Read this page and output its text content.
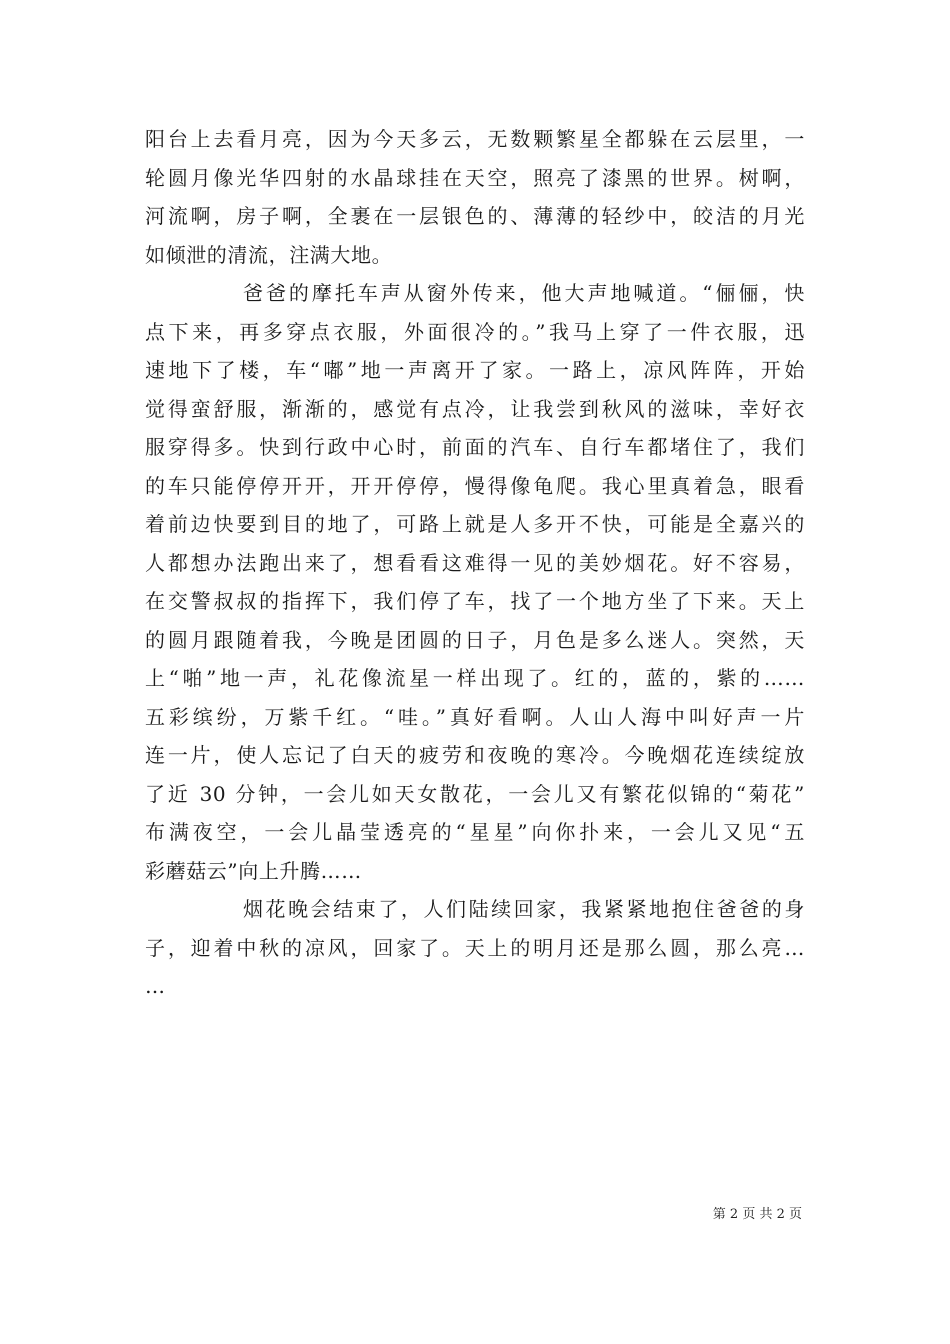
阳台上去看月亮，因为今天多云，无数颗繁星全都躲在云层里，一
轮圆月像光华四射的水晶球挂在天空，照亮了漆黑的世界。树啊，
河流啊，房子啊，全裹在一层银色的、薄薄的轻纱中，皎洁的月光
如倾泄的清流，注满大地。
爸爸的摩托车声从窗外传来，他大声地喊道。“俪俪，快
点下来，再多穿点衣服，外面很冷的。”我马上穿了一件衣服，迅
速地下了楼，车“嘟”地一声离开了家。一路上，凉风阵阵，开始
觉得蛮舒服，渐渐的，感觉有点冷，让我尝到秋风的滋味，幸好衣
服穿得多。快到行政中心时，前面的汽车、自行车都堵住了，我们
的车只能停停开开，开开停停，慢得像龟爬。我心里真着急，眼看
着前边快要到目的地了，可路上就是人多开不快，可能是全嘉兴的
人都想办法跑出来了，想看看这难得一见的美妙烟花。好不容易，
在交警叔叔的指挥下，我们停了车，找了一个地方坐了下来。天上
的圆月跟随着我，今晚是团圆的日子，月色是多么迷人。突然，天
上“啪”地一声，礼花像流星一样出现了。红的，蓝的，紫的……
五彩缤纷，万紫千红。“哇。”真好看啊。人山人海中叫好声一片
连一片，使人忘记了白天的疲劳和夜晚的寒冷。今晚烟花连续绽放
了近 30 分钟，一会儿如天女散花，一会儿又有繁花似锦的“菊花”
布满夜空，一会儿晶莹透亮的“星星”向你扑来，一会儿又见“五
彩蘑菇云”向上升腾……
烟花晚会结束了，人们陆续回家，我紧紧地抱住爸爸的身
子，迎着中秋的凉风，回家了。天上的明月还是那么圆，那么亮…
…
第 2 页 共 2 页
